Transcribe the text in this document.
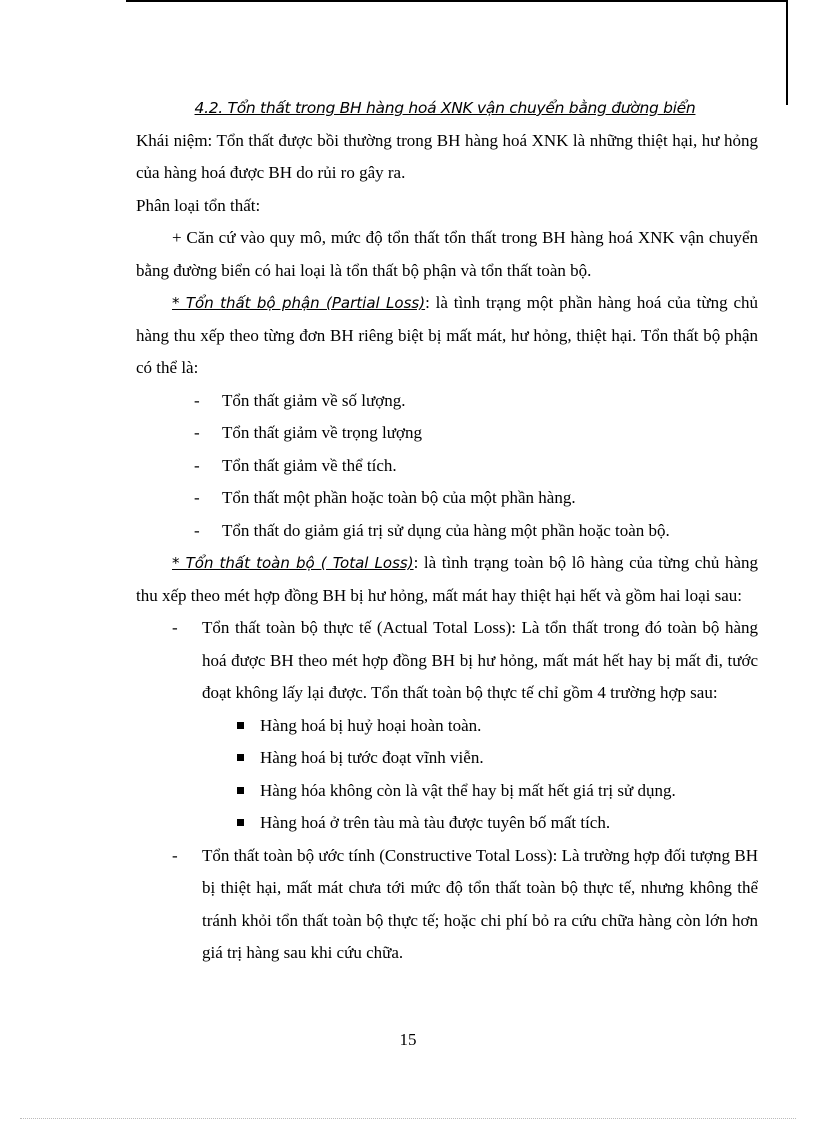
4.2. Tổn thất trong BH hàng hoá XNK vận chuyển bằng đường biển

Khái niệm: Tổn thất được bồi thường trong BH hàng hoá XNK là những thiệt hại, hư hỏng của hàng hoá được BH do rủi ro gây ra.

Phân loại tổn thất:

+ Căn cứ vào quy mô, mức độ tổn thất tổn thất trong BH hàng hoá XNK vận chuyển bằng đường biển có hai loại là tổn thất bộ phận và tổn thất toàn bộ.

* Tổn thất bộ phận (Partial Loss): là tình trạng một phần hàng hoá của từng chủ hàng thu xếp theo từng đơn BH riêng biệt bị mất mát, hư hỏng, thiệt hại. Tổn thất bộ phận có thể là:

- Tổn thất giảm về số lượng.
- Tổn thất giảm về trọng lượng
- Tổn thất giảm về thể tích.
- Tổn thất một phần hoặc toàn bộ của một phần hàng.
- Tổn thất do giảm giá trị sử dụng của hàng một phần hoặc toàn bộ.

* Tổn thất toàn bộ ( Total Loss): là tình trạng toàn bộ lô hàng của từng chủ hàng thu xếp theo mét hợp đồng BH bị hư hỏng, mất mát hay thiệt hại hết và gồm hai loại sau:

- Tổn thất toàn bộ thực tế (Actual Total Loss): Là tổn thất trong đó toàn bộ hàng hoá được BH theo mét hợp đồng BH bị hư hỏng, mất mát hết hay bị mất đi, tước đoạt không lấy lại được. Tổn thất toàn bộ thực tế chỉ gồm 4 trường hợp sau:
Hàng hoá bị huỷ hoại hoàn toàn.
Hàng hoá bị tước đoạt vĩnh viễn.
Hàng hóa không còn là vật thể hay bị mất hết giá trị sử dụng.
Hàng hoá ở trên tàu mà tàu được tuyên bố mất tích.
- Tổn thất toàn bộ ước tính (Constructive Total Loss): Là trường hợp đối tượng BH bị thiệt hại, mất mát chưa tới mức độ tổn thất toàn bộ thực tế, nhưng không thể tránh khỏi tổn thất toàn bộ thực tế; hoặc chi phí bỏ ra cứu chữa hàng còn lớn hơn giá trị hàng sau khi cứu chữa.
15
